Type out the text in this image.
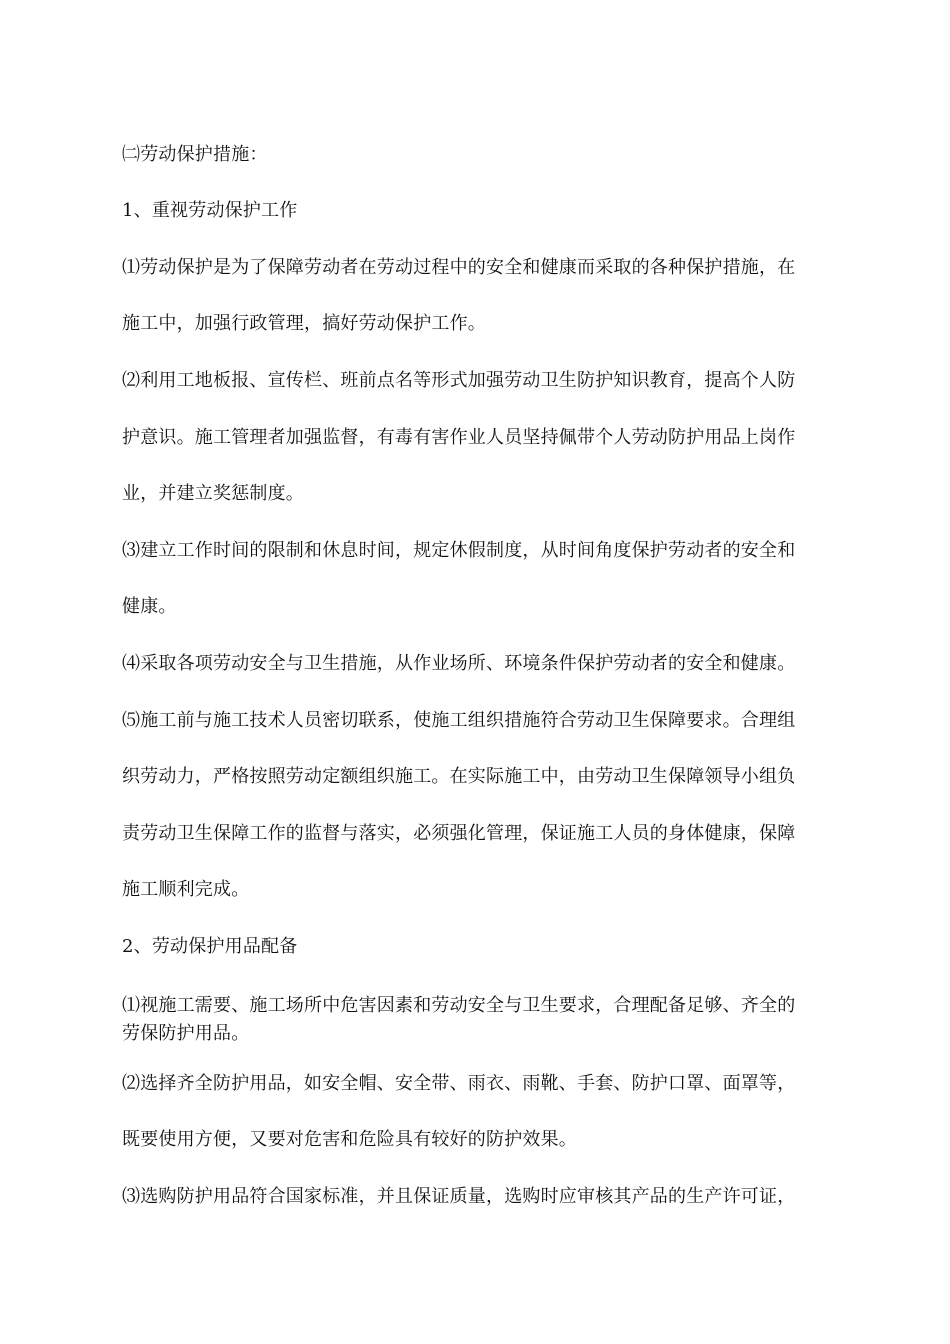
㈡劳动保护措施：
1、重视劳动保护工作
⑴劳动保护是为了保障劳动者在劳动过程中的安全和健康而采取的各种保护措施，在
施工中，加强行政管理，搞好劳动保护工作。
⑵利用工地板报、宣传栏、班前点名等形式加强劳动卫生防护知识教育，提高个人防
护意识。施工管理者加强监督，有毒有害作业人员坚持佩带个人劳动防护用品上岗作
业，并建立奖惩制度。
⑶建立工作时间的限制和休息时间，规定休假制度，从时间角度保护劳动者的安全和
健康。
⑷采取各项劳动安全与卫生措施，从作业场所、环境条件保护劳动者的安全和健康。
⑸施工前与施工技术人员密切联系，使施工组织措施符合劳动卫生保障要求。合理组
织劳动力，严格按照劳动定额组织施工。在实际施工中，由劳动卫生保障领导小组负
责劳动卫生保障工作的监督与落实，必须强化管理，保证施工人员的身体健康，保障
施工顺利完成。
2、劳动保护用品配备
⑴视施工需要、施工场所中危害因素和劳动安全与卫生要求，合理配备足够、齐全的
劳保防护用品。
⑵选择齐全防护用品，如安全帽、安全带、雨衣、雨靴、手套、防护口罩、面罩等，
既要使用方便，又要对危害和危险具有较好的防护效果。
⑶选购防护用品符合国家标准，并且保证质量，选购时应审核其产品的生产许可证，
